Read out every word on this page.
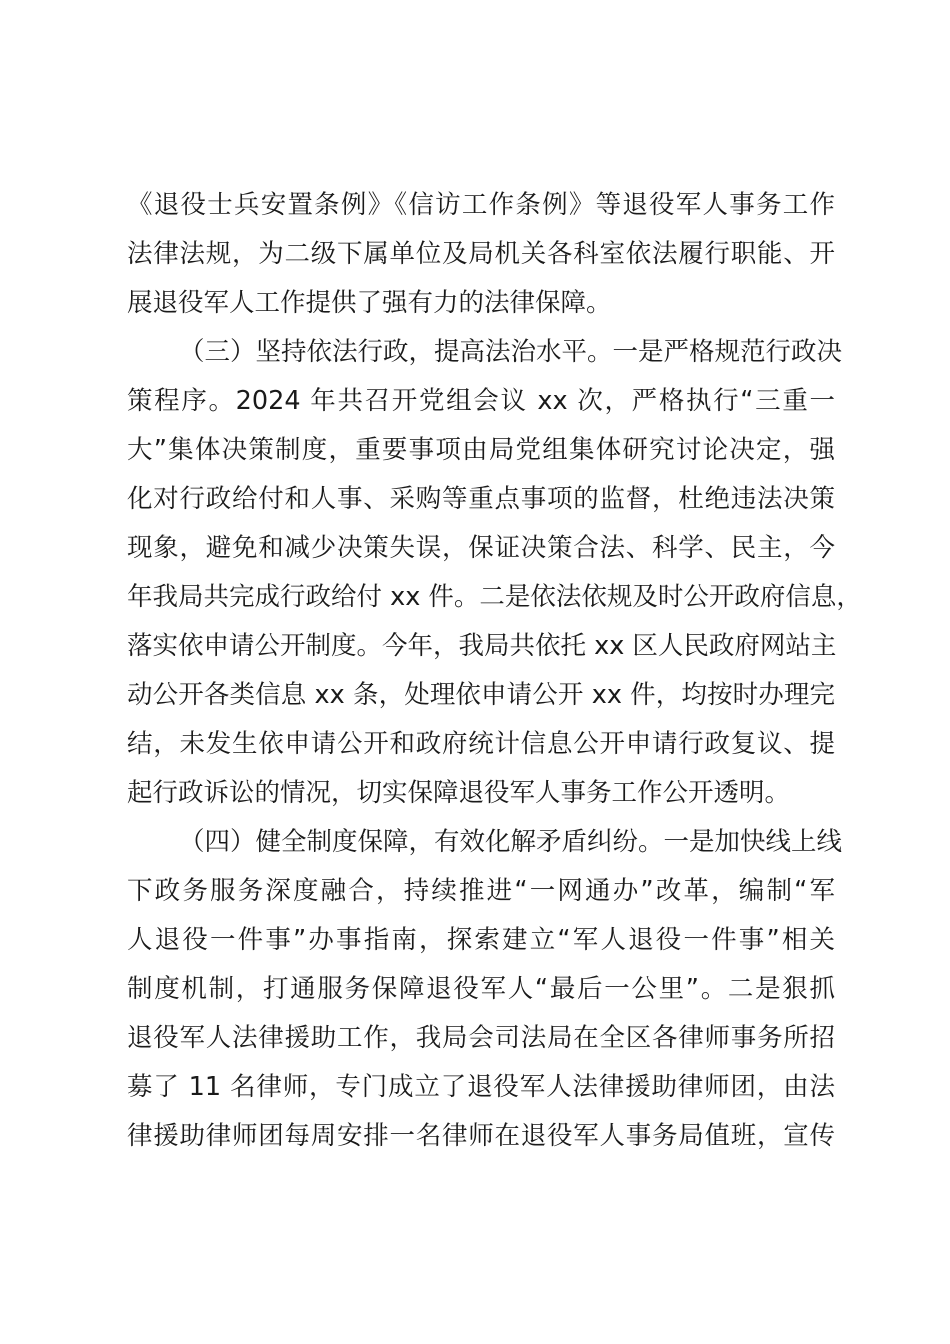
《退役士兵安置条例》《信访工作条例》等退役军人事务工作
法律法规，为二级下属单位及局机关各科室依法履行职能、开
展退役军人工作提供了强有力的法律保障。
（三）坚持依法行政，提高法治水平。一是严格规范行政决
策程序。2024 年共召开党组会议 xx 次，严格执行“三重一
大”集体决策制度，重要事项由局党组集体研究讨论决定，强
化对行政给付和人事、采购等重点事项的监督，杜绝违法决策
现象，避免和减少决策失误，保证决策合法、科学、民主，今
年我局共完成行政给付 xx 件。二是依法依规及时公开政府信息，
落实依申请公开制度。今年，我局共依托 xx 区人民政府网站主
动公开各类信息 xx 条，处理依申请公开 xx 件，均按时办理完
结，未发生依申请公开和政府统计信息公开申请行政复议、提
起行政诉讼的情况，切实保障退役军人事务工作公开透明。
（四）健全制度保障，有效化解矛盾纠纷。一是加快线上线
下政务服务深度融合，持续推进“一网通办”改革，编制“军
人退役一件事”办事指南，探索建立“军人退役一件事”相关
制度机制，打通服务保障退役军人“最后一公里”。二是狠抓
退役军人法律援助工作，我局会司法局在全区各律师事务所招
募了 11 名律师，专门成立了退役军人法律援助律师团，由法
律援助律师团每周安排一名律师在退役军人事务局值班，宣传
